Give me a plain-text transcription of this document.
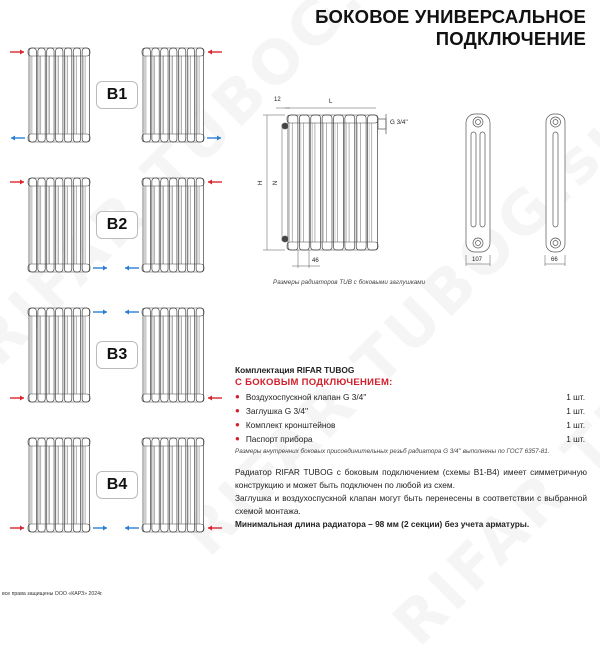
БОКОВОЕ УНИВЕРСАЛЬНОЕ
ПОДКЛЮЧЕНИЕ
B1
B2
B3
B4
12	L
H N
G 3/4''
46	107	66
Размеры радиаторов TUB с боковыми заглушками
Комплектация RIFAR TUBOG
С БОКОВЫМ ПОДКЛЮЧЕНИЕМ:
● Воздухоспускной клапан G 3/4''	1 шт.
● Заглушка G 3/4''	1 шт.
● Комплект кронштейнов	1 шт.
● Паспорт прибора	1 шт.
Размеры внутренних боковых присоединительных резьб радиатора G 3/4'' выполнены по ГОСТ 6357-81.
Радиатор RIFAR TUBOG с боковым подключением (схемы B1-B4) имеет симметричную конструкцию и может быть подключен по любой из схем.
Заглушка и воздухоспускной клапан могут быть перенесены в соответствии с выбранной схемой монтажа.
Минимальная длина радиатора – 98 мм (2 секции) без учета арматуры.
все права защищены ООО «КАРЗ» 2024г.
